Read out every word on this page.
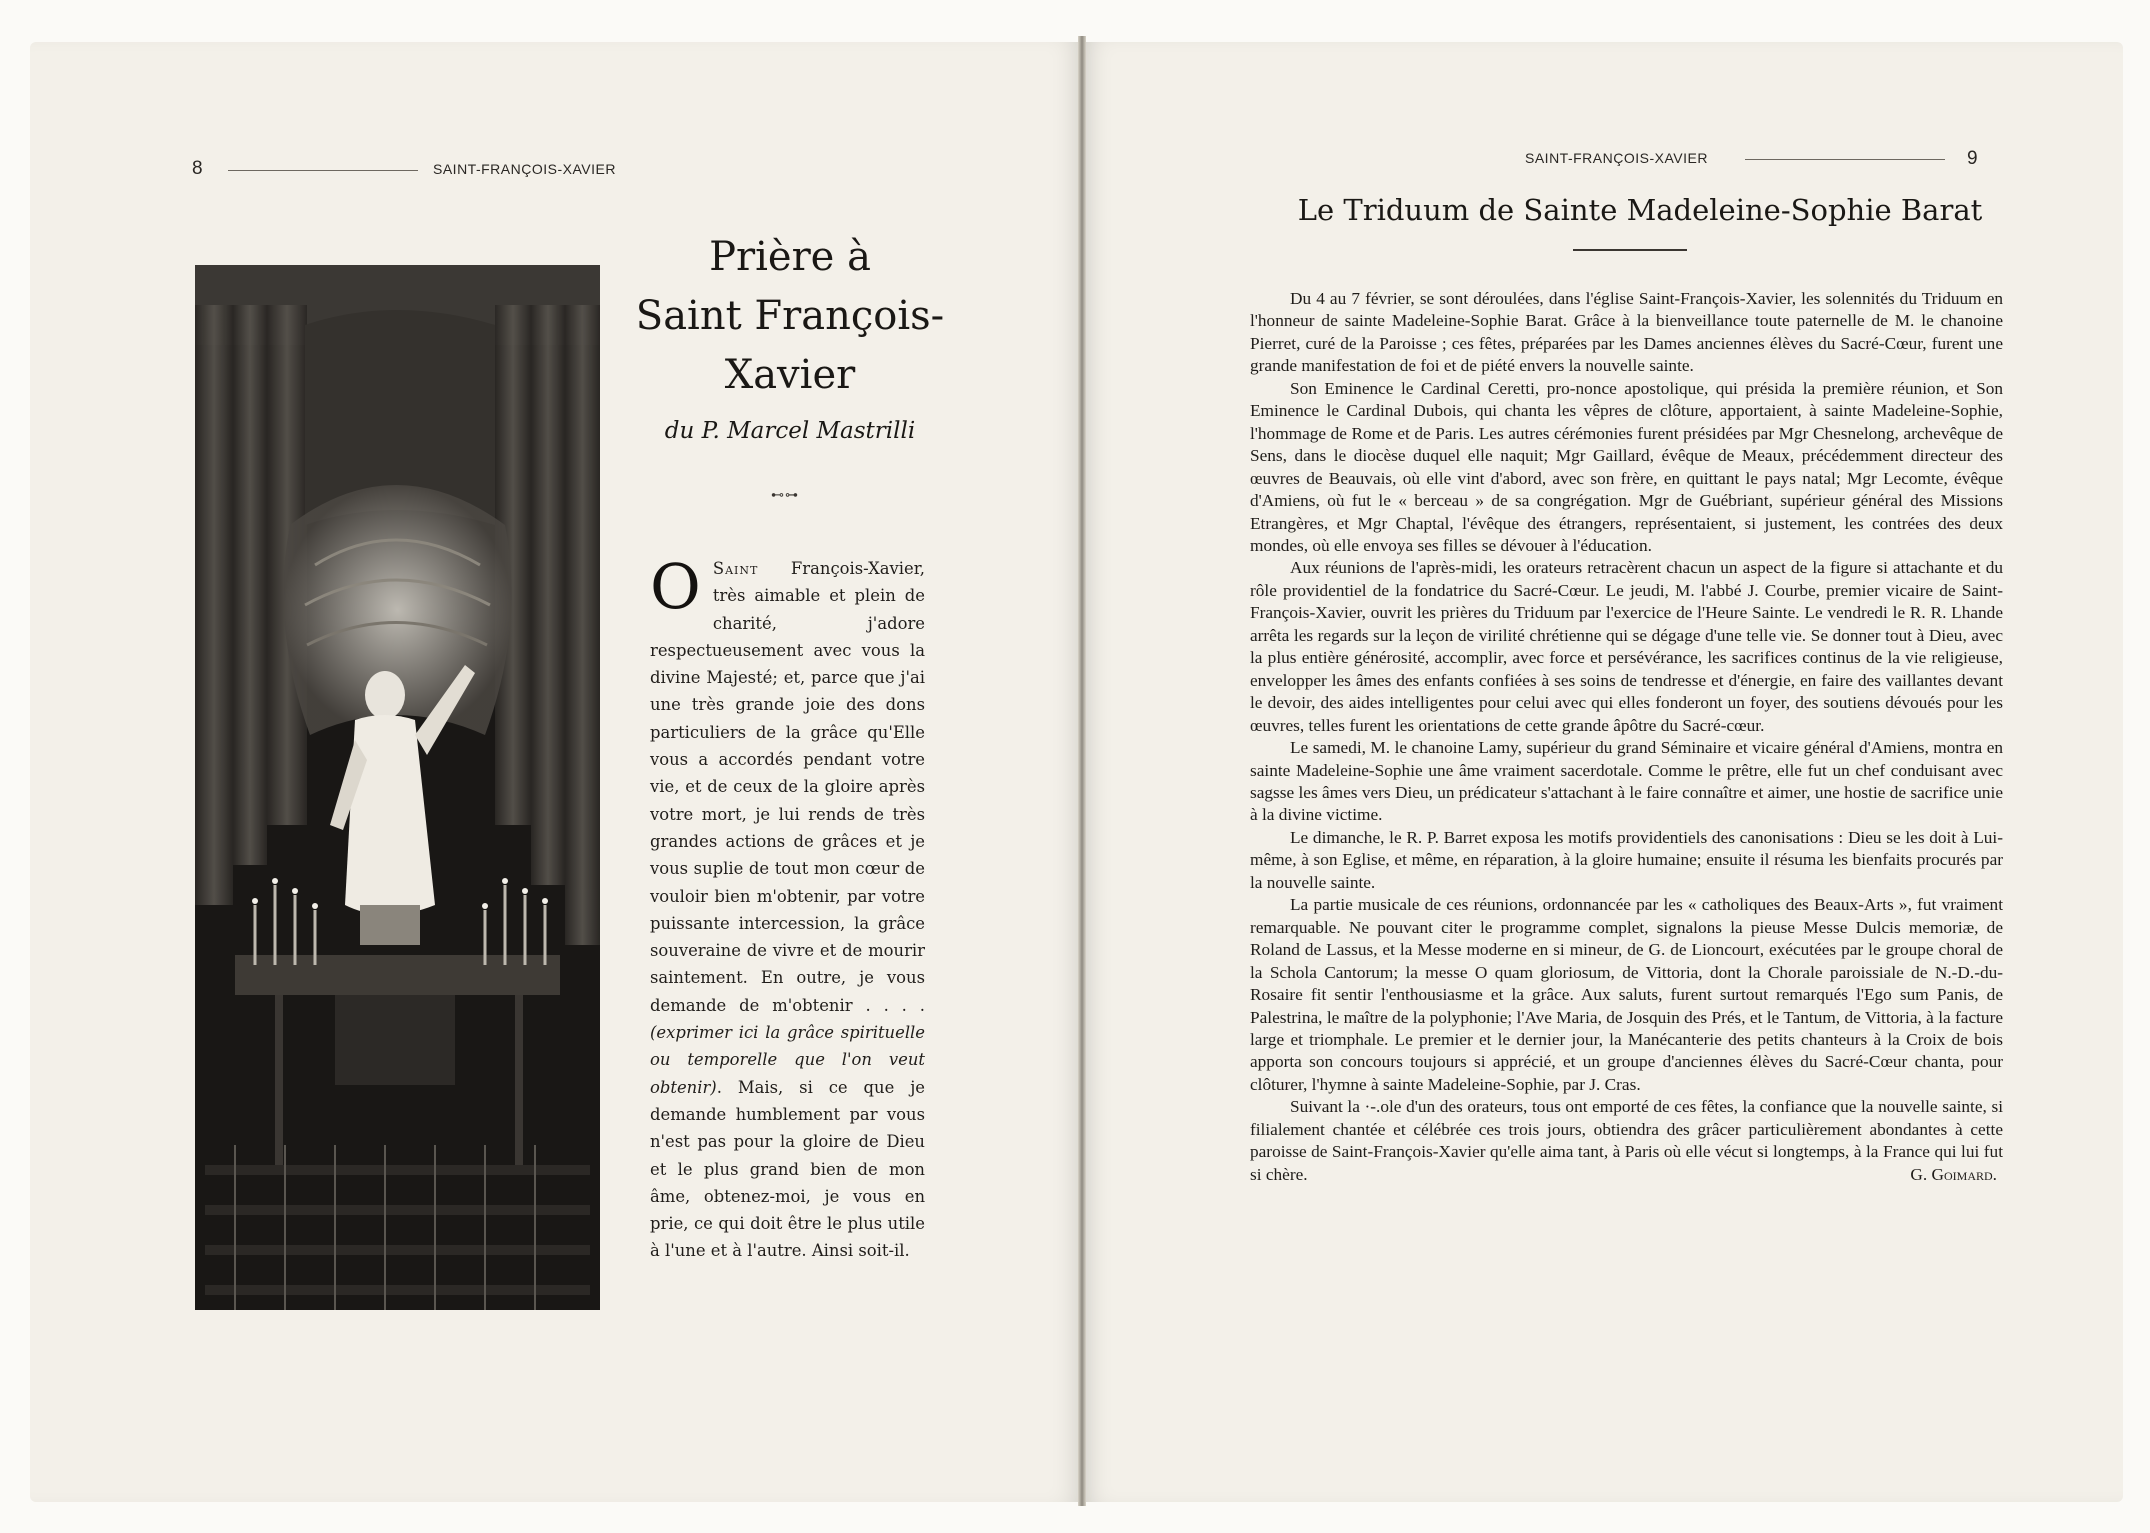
8	SAINT-FRANÇOIS-XAVIER
Prière à
Saint François-
Xavier
du P. Marcel Mastrilli
⊷⊶
O Saint François-Xavier, très aimable et plein de charité, j'adore respectueusement avec vous la divine Majesté; et, parce que j'ai une très grande joie des dons particuliers de la grâce qu'Elle vous a accordés pendant votre vie, et de ceux de la gloire après votre mort, je lui rends de très grandes actions de grâces et je vous suplie de tout mon cœur de vouloir bien m'obtenir, par votre puissante intercession, la grâce souveraine de vivre et de mourir saintement. En outre, je vous demande de m'obtenir . . . . (exprimer ici la grâce spirituelle ou temporelle que l'on veut obtenir). Mais, si ce que je demande humblement par vous n'est pas pour la gloire de Dieu et le plus grand bien de mon âme, obtenez-moi, je vous en prie, ce qui doit être le plus utile à l'une et à l'autre. Ainsi soit-il.
SAINT-FRANÇOIS-XAVIER	9
Le Triduum de Sainte Madeleine-Sophie Barat

Du 4 au 7 février, se sont déroulées, dans l'église Saint-François-Xavier, les solennités du Triduum en l'honneur de sainte Madeleine-Sophie Barat. Grâce à la bienveillance toute paternelle de M. le chanoine Pierret, curé de la Paroisse ; ces fêtes, préparées par les Dames anciennes élèves du Sacré-Cœur, furent une grande manifestation de foi et de piété envers la nouvelle sainte.

Son Eminence le Cardinal Ceretti, pro-nonce apostolique, qui présida la première réunion, et Son Eminence le Cardinal Dubois, qui chanta les vêpres de clôture, apportaient, à sainte Madeleine-Sophie, l'hommage de Rome et de Paris. Les autres cérémonies furent présidées par Mgr Chesnelong, archevêque de Sens, dans le diocèse duquel elle naquit; Mgr Gaillard, évêque de Meaux, précédemment directeur des œuvres de Beauvais, où elle vint d'abord, avec son frère, en quittant le pays natal; Mgr Lecomte, évêque d'Amiens, où fut le « berceau » de sa congrégation. Mgr de Guébriant, supérieur général des Missions Etrangères, et Mgr Chaptal, l'évêque des étrangers, représentaient, si justement, les contrées des deux mondes, où elle envoya ses filles se dévouer à l'éducation.

Aux réunions de l'après-midi, les orateurs retracèrent chacun un aspect de la figure si attachante et du rôle providentiel de la fondatrice du Sacré-Cœur. Le jeudi, M. l'abbé J. Courbe, premier vicaire de Saint-François-Xavier, ouvrit les prières du Triduum par l'exercice de l'Heure Sainte. Le vendredi le R. R. Lhande arrêta les regards sur la leçon de virilité chrétienne qui se dégage d'une telle vie. Se donner tout à Dieu, avec la plus entière générosité, accomplir, avec force et persévérance, les sacrifices continus de la vie religieuse, envelopper les âmes des enfants confiées à ses soins de tendresse et d'énergie, en faire des vaillantes devant le devoir, des aides intelligentes pour celui avec qui elles fonderont un foyer, des soutiens dévoués pour les œuvres, telles furent les orientations de cette grande âpôtre du Sacré-cœur.

Le samedi, M. le chanoine Lamy, supérieur du grand Séminaire et vicaire général d'Amiens, montra en sainte Madeleine-Sophie une âme vraiment sacerdotale. Comme le prêtre, elle fut un chef conduisant avec sagsse les âmes vers Dieu, un prédicateur s'attachant à le faire connaître et aimer, une hostie de sacrifice unie à la divine victime.

Le dimanche, le R. P. Barret exposa les motifs providentiels des canonisations : Dieu se les doit à Lui-même, à son Eglise, et même, en réparation, à la gloire humaine; ensuite il résuma les bienfaits procurés par la nouvelle sainte.

La partie musicale de ces réunions, ordonnancée par les « catholiques des Beaux-Arts », fut vraiment remarquable. Ne pouvant citer le programme complet, signalons la pieuse Messe Dulcis memoriæ, de Roland de Lassus, et la Messe moderne en si mineur, de G. de Lioncourt, exécutées par le groupe choral de la Schola Cantorum; la messe O quam gloriosum, de Vittoria, dont la Chorale paroissiale de N.-D.-du-Rosaire fit sentir l'enthousiasme et la grâce. Aux saluts, furent surtout remarqués l'Ego sum Panis, de Palestrina, le maître de la polyphonie; l'Ave Maria, de Josquin des Prés, et le Tantum, de Vittoria, à la facture large et triomphale. Le premier et le dernier jour, la Manécanterie des petits chanteurs à la Croix de bois apporta son concours toujours si apprécié, et un groupe d'anciennes élèves du Sacré-Cœur chanta, pour clôturer, l'hymne à sainte Madeleine-Sophie, par J. Cras.

Suivant la ·-.ole d'un des orateurs, tous ont emporté de ces fêtes, la confiance que la nouvelle sainte, si filialement chantée et célébrée ces trois jours, obtiendra des grâcer particulièrement abondantes à cette paroisse de Saint-François-Xavier qu'elle aima tant, à Paris où elle vécut si longtemps, à la France qui lui fut si chère.	G. Goimard.
